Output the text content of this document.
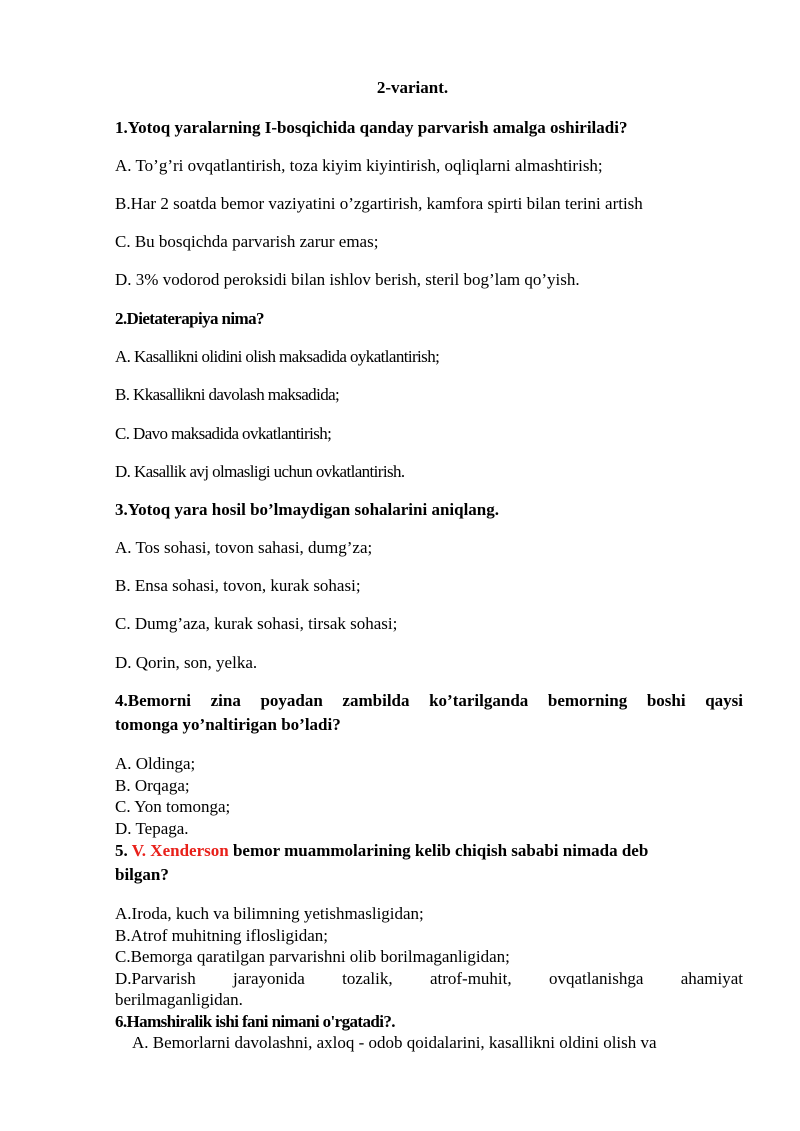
2-variant.
1.Yotoq yaralarning I-bosqichida qanday parvarish amalga oshiriladi?
A. To’g’ri ovqatlantirish, toza kiyim kiyintirish, oqliqlarni almashtirish;
B.Har 2 soatda bemor vaziyatini o’zgartirish, kamfora spirti bilan terini artish
C. Bu bosqichda parvarish zarur emas;
D. 3% vodorod peroksidi bilan ishlov berish, steril bog’lam qo’yish.
2.Dietaterapiya nima?
A. Kasallikni olidini olish maksadida oykatlantirish;
B. Kkasallikni davolash maksadida;
C. Davo maksadida ovkatlantirish;
D. Kasallik avj olmasligi uchun ovkatlantirish.
3.Yotoq yara hosil bo’lmaydigan sohalarini aniqlang.
A. Tos sohasi, tovon sahasi, dumg’za;
B. Ensa sohasi, tovon, kurak sohasi;
C. Dumg’aza, kurak sohasi, tirsak sohasi;
D. Qorin, son, yelka.
4.Bemorni zina poyadan zambilda ko’tarilganda bemorning boshi qaysi
tomonga yo’naltirigan bo’ladi?
A. Oldinga;
B. Orqaga;
C. Yon tomonga;
D. Tepaga.
5. V. Xenderson bemor muammolarining kelib chiqish sababi nimada deb
bilgan?
A.Iroda, kuch va bilimning yetishmasligidan;
B.Atrof muhitning iflosligidan;
C.Bemorga qaratilgan parvarishni olib borilmaganligidan;
D.Parvarish jarayonida tozalik, atrof-muhit, ovqatlanishga ahamiyat
berilmaganligidan.
6.Hamshiralik ishi fani nimani o'rgatadi?.
A. Bemorlarni davolashni, axloq - odob qoidalarini, kasallikni oldini olish va
